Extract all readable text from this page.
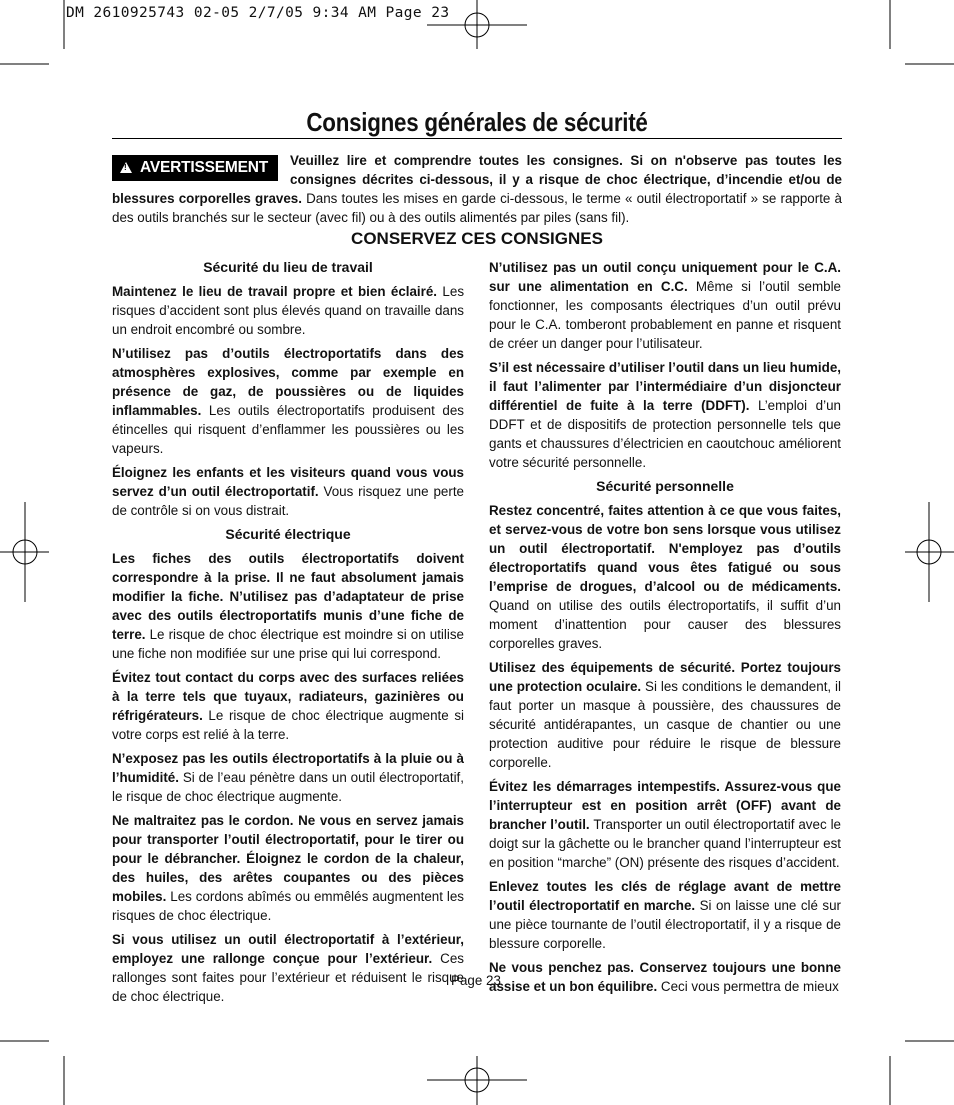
DM 2610925743 02-05 2/7/05 9:34 AM Page 23
Consignes générales de sécurité
!AVERTISSEMENT	Veuillez lire et comprendre toutes les consignes. Si on n'observe pas toutes les consignes décrites ci-dessous, il y a risque de choc électrique, d’incendie et/ou de blessures corporelles graves. Dans toutes les mises en garde ci-dessous, le terme « outil électroportatif » se rapporte à des outils branchés sur le secteur (avec fil) ou à des outils alimentés par piles (sans fil).

CONSERVEZ CES CONSIGNES
Sécurité du lieu de travail

Maintenez le lieu de travail propre et bien éclairé. Les risques d’accident sont plus élevés quand on travaille dans un endroit encombré ou sombre.

N’utilisez pas d’outils électroportatifs dans des atmosphères explosives, comme par exemple en présence de gaz, de poussières ou de liquides inflammables. Les outils électroportatifs produisent des étincelles qui risquent d’enflammer les poussières ou les vapeurs.

Éloignez les enfants et les visiteurs quand vous vous servez d’un outil électroportatif. Vous risquez une perte de contrôle si on vous distrait.

Sécurité électrique

Les fiches des outils électroportatifs doivent correspondre à la prise. Il ne faut absolument jamais modifier la fiche. N’utilisez pas d’adaptateur de prise avec des outils électroportatifs munis d’une fiche de terre. Le risque de choc électrique est moindre si on utilise une fiche non modifiée sur une prise qui lui correspond.

Évitez tout contact du corps avec des surfaces reliées à la terre tels que tuyaux, radiateurs, gazinières ou réfrigérateurs. Le risque de choc électrique augmente si votre corps est relié à la terre.

N’exposez pas les outils électroportatifs à la pluie ou à l’humidité. Si de l’eau pénètre dans un outil électroportatif, le risque de choc électrique augmente.

Ne maltraitez pas le cordon. Ne vous en servez jamais pour transporter l’outil électroportatif, pour le tirer ou pour le débrancher. Éloignez le cordon de la chaleur, des huiles, des arêtes coupantes ou des pièces mobiles. Les cordons abîmés ou emmêlés augmentent les risques de choc électrique.

Si vous utilisez un outil électroportatif à l’extérieur, employez une rallonge conçue pour l’extérieur. Ces rallonges sont faites pour l’extérieur et réduisent le risque de choc électrique.

N’utilisez pas un outil conçu uniquement pour le C.A. sur une alimentation en C.C. Même si l’outil semble fonctionner, les composants électriques d’un outil prévu pour le C.A. tomberont probablement en panne et risquent de créer un danger pour l’utilisateur.

S’il est nécessaire d’utiliser l’outil dans un lieu humide, il faut l’alimenter par l’intermédiaire d’un disjoncteur différentiel de fuite à la terre (DDFT). L’emploi d’un DDFT et de dispositifs de protection personnelle tels que gants et chaussures d’électricien en caoutchouc améliorent votre sécurité personnelle.

Sécurité personnelle

Restez concentré, faites attention à ce que vous faites, et servez-vous de votre bon sens lorsque vous utilisez un outil électroportatif. N'employez pas d’outils électroportatifs quand vous êtes fatigué ou sous l’emprise de drogues, d’alcool ou de médicaments. Quand on utilise des outils électroportatifs, il suffit d’un moment d’inattention pour causer des blessures corporelles graves.

Utilisez des équipements de sécurité. Portez toujours une protection oculaire. Si les conditions le demandent, il faut porter un masque à poussière, des chaussures de sécurité antidérapantes, un casque de chantier ou une protection auditive pour réduire le risque de blessure corporelle.

Évitez les démarrages intempestifs. Assurez-vous que l’interrupteur est en position arrêt (OFF) avant de brancher l’outil. Transporter un outil électroportatif avec le doigt sur la gâchette ou le brancher quand l’interrupteur est en position “marche” (ON) présente des risques d’accident.

Enlevez toutes les clés de réglage avant de mettre l’outil électroportatif en marche. Si on laisse une clé sur une pièce tournante de l’outil électroportatif, il y a risque de blessure corporelle.

Ne vous penchez pas. Conservez toujours une bonne assise et un bon équilibre. Ceci vous permettra de mieux

Page 23
